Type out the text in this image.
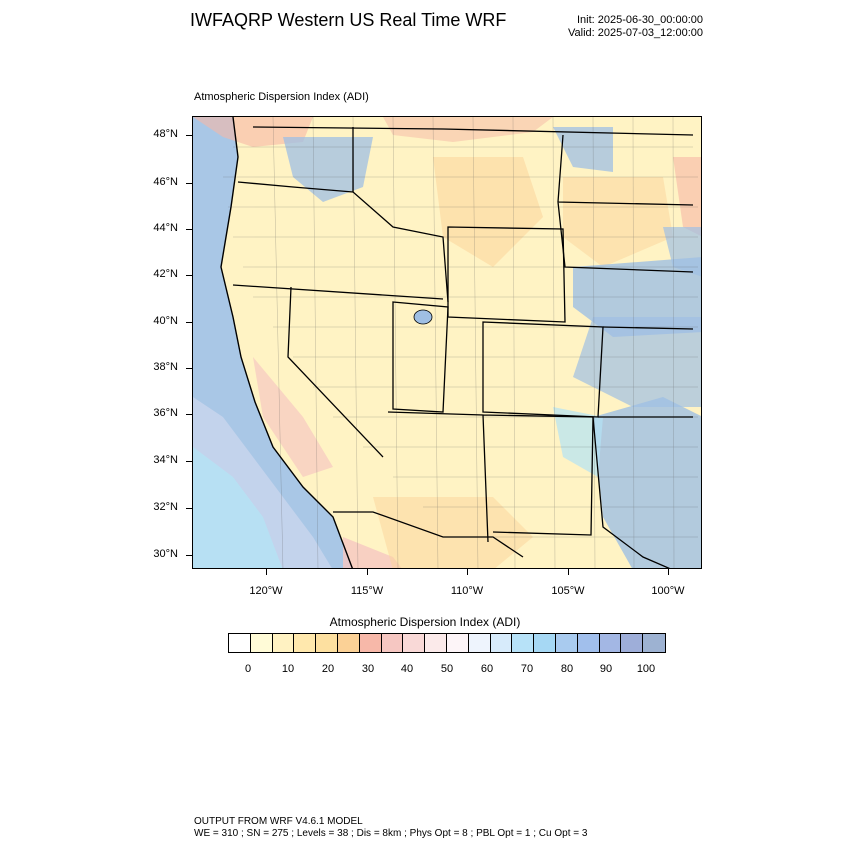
IWFAQRP Western US Real Time WRF	Init: 2025-06-30_00:00:00
Valid: 2025-07-03_12:00:00
Atmospheric Dispersion Index (ADI)
48°N
46°N
44°N
42°N
40°N
38°N
36°N
34°N
32°N
30°N
120°W	115°W	110°W	105°W	100°W
Atmospheric Dispersion Index (ADI)
0	10	20	30	40	50	60	70	80	90	100
OUTPUT FROM WRF V4.6.1 MODEL
WE = 310 ; SN = 275 ; Levels = 38 ; Dis = 8km ; Phys Opt = 8 ; PBL Opt = 1 ; Cu Opt = 3
